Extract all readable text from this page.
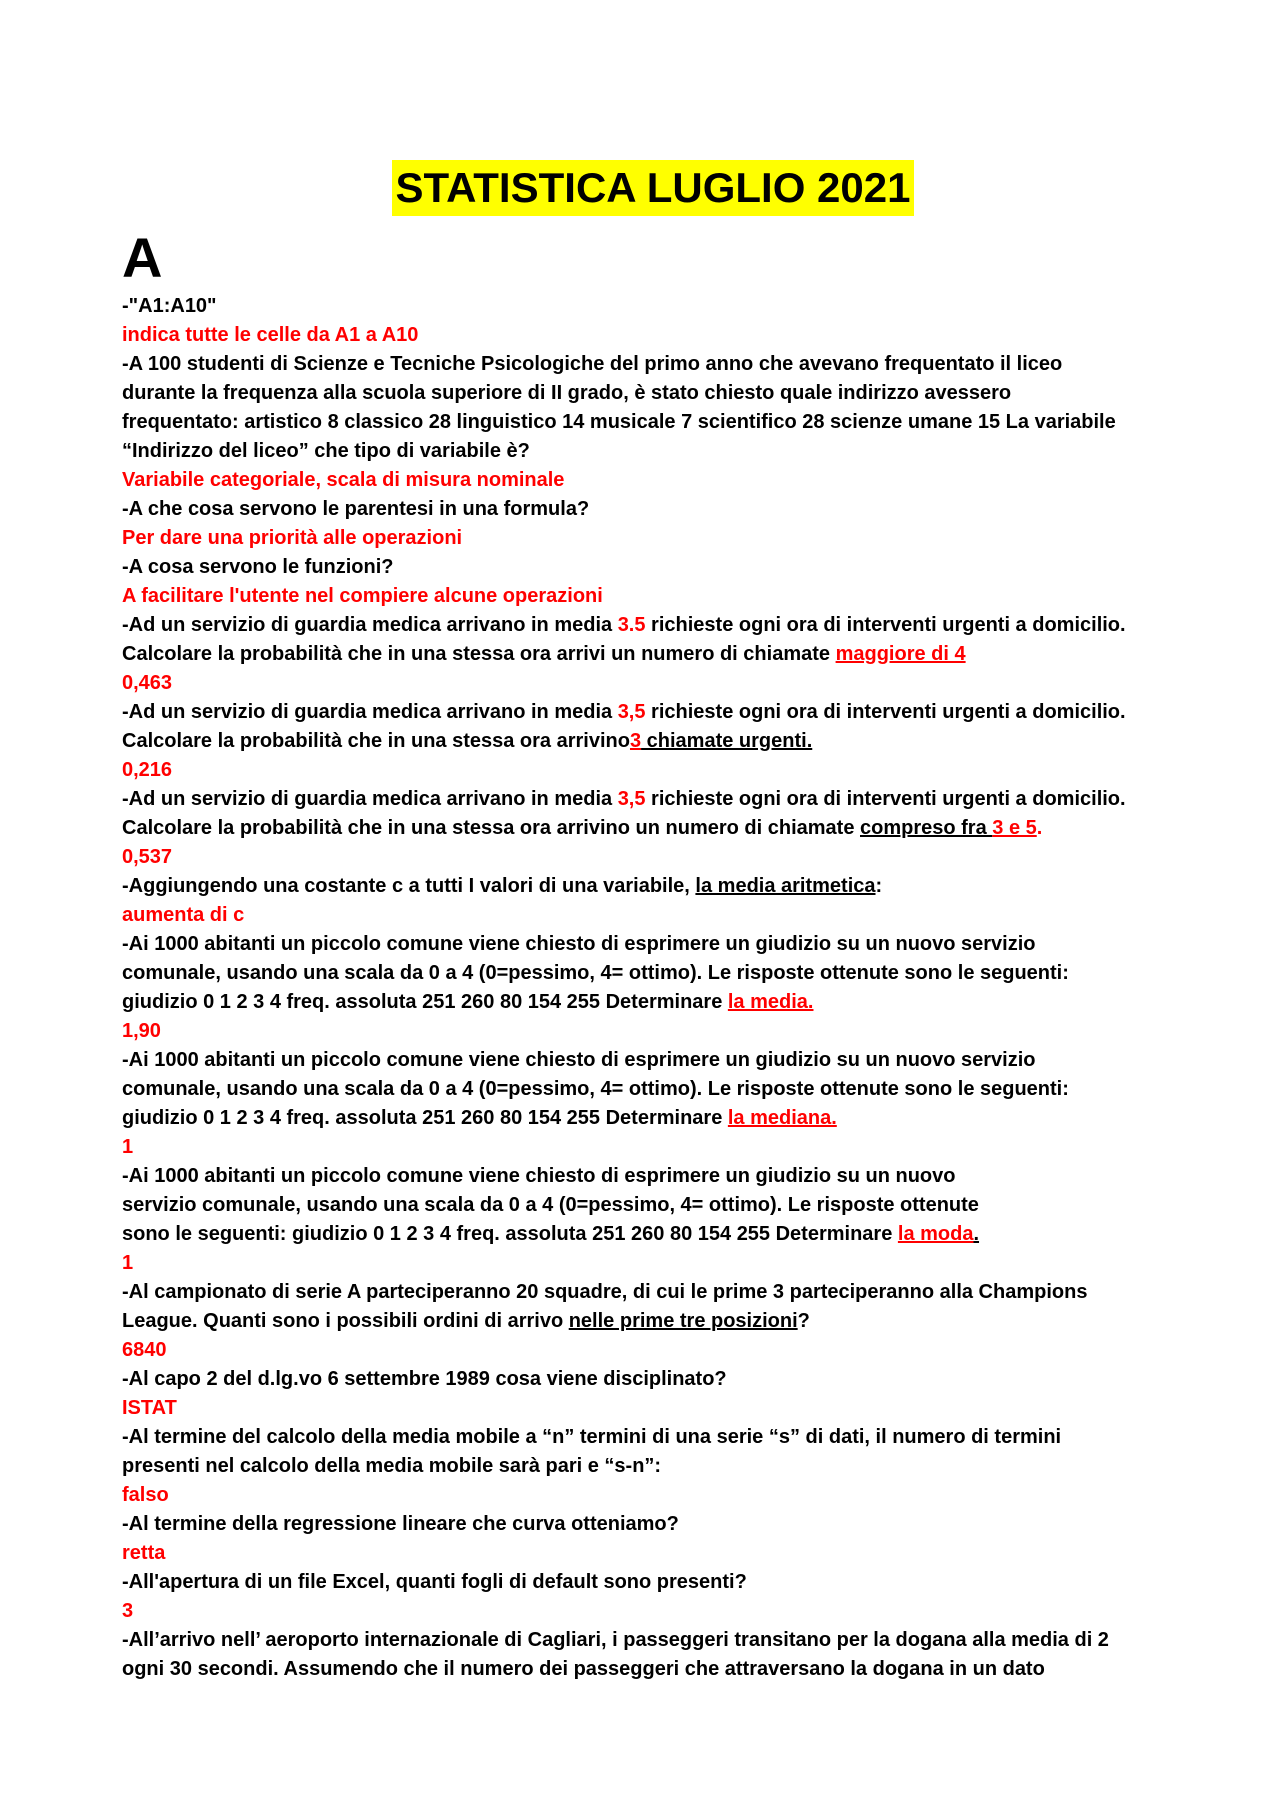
STATISTICA LUGLIO 2021
A

-"A1:A10"

indica tutte le celle da A1 a A10

-A 100 studenti di Scienze e Tecniche Psicologiche del primo anno che avevano frequentato il liceo

durante la frequenza alla scuola superiore di II grado, è stato chiesto quale indirizzo avessero

frequentato: artistico 8 classico 28 linguistico 14 musicale 7 scientifico 28 scienze umane 15 La variabile

“Indirizzo del liceo” che tipo di variabile è?

Variabile categoriale, scala di misura nominale

-A che cosa servono le parentesi in una formula?

Per dare una priorità alle operazioni

-A cosa servono le funzioni?

A facilitare l'utente nel compiere alcune operazioni

-Ad un servizio di guardia medica arrivano in media 3.5 richieste ogni ora di interventi urgenti a domicilio.

Calcolare la probabilità che in una stessa ora arrivi un numero di chiamate maggiore di 4

0,463

-Ad un servizio di guardia medica arrivano in media 3,5 richieste ogni ora di interventi urgenti a domicilio.

Calcolare la probabilità che in una stessa ora arrivino3 chiamate urgenti.

0,216

-Ad un servizio di guardia medica arrivano in media 3,5 richieste ogni ora di interventi urgenti a domicilio.

Calcolare la probabilità che in una stessa ora arrivino un numero di chiamate compreso fra 3 e 5.

0,537

-Aggiungendo una costante c a tutti I valori di una variabile, la media aritmetica:

aumenta di c

-Ai 1000 abitanti un piccolo comune viene chiesto di esprimere un giudizio su un nuovo servizio

comunale, usando una scala da 0 a 4 (0=pessimo, 4= ottimo). Le risposte ottenute sono le seguenti:

giudizio 0 1 2 3 4 freq. assoluta 251 260 80 154 255 Determinare la media.

1,90

-Ai 1000 abitanti un piccolo comune viene chiesto di esprimere un giudizio su un nuovo servizio

comunale, usando una scala da 0 a 4 (0=pessimo, 4= ottimo). Le risposte ottenute sono le seguenti:

giudizio 0 1 2 3 4 freq. assoluta 251 260 80 154 255 Determinare la mediana.

1

-Ai 1000 abitanti un piccolo comune viene chiesto di esprimere un giudizio su un nuovo

servizio comunale, usando una scala da 0 a 4 (0=pessimo, 4= ottimo). Le risposte ottenute

sono le seguenti: giudizio 0 1 2 3 4 freq. assoluta 251 260 80 154 255 Determinare la moda.

1

-Al campionato di serie A parteciperanno 20 squadre, di cui le prime 3 parteciperanno alla Champions

League. Quanti sono i possibili ordini di arrivo nelle prime tre posizioni?

6840

-Al capo 2 del d.lg.vo 6 settembre 1989 cosa viene disciplinato?

ISTAT

-Al termine del calcolo della media mobile a “n” termini di una serie “s” di dati, il numero di termini

presenti nel calcolo della media mobile sarà pari e “s-n”:

falso

-Al termine della regressione lineare che curva otteniamo?

retta

-All'apertura di un file Excel, quanti fogli di default sono presenti?

3

-All’arrivo nell’ aeroporto internazionale di Cagliari, i passeggeri transitano per la dogana alla media di 2

ogni 30 secondi. Assumendo che il numero dei passeggeri che attraversano la dogana in un dato
